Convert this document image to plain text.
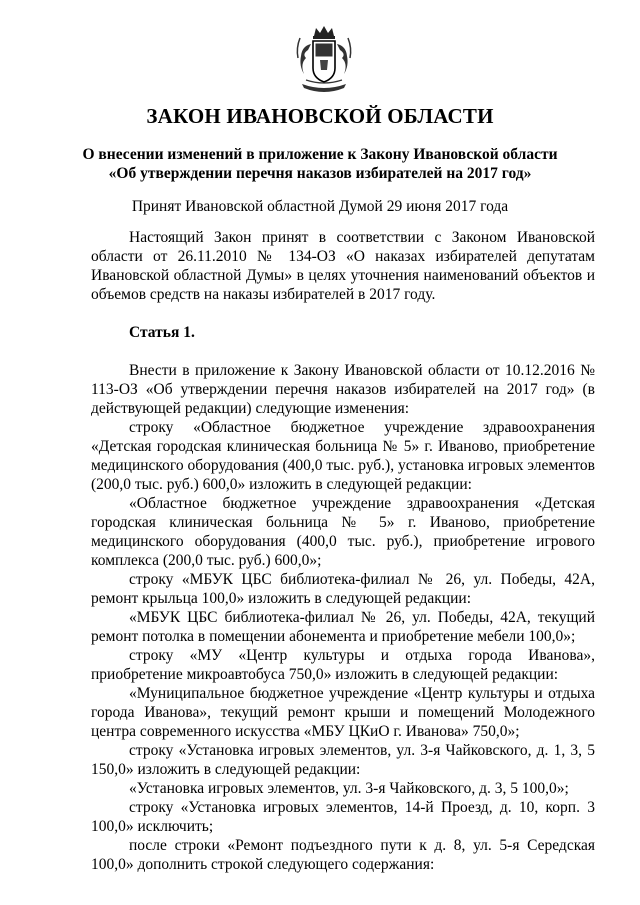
ЗАКОН ИВАНОВСКОЙ ОБЛАСТИ
О внесении изменений в приложение к Закону Ивановской области
«Об утверждении перечня наказов избирателей на 2017 год»
Принят Ивановской областной Думой 29 июня 2017 года

Настоящий Закон принят в соответствии с Законом Ивановской области от 26.11.2010 № 134-ОЗ «О наказах избирателей депутатам Ивановской областной Думы» в целях уточнения наименований объектов и объемов средств на наказы избирателей в 2017 году.

Статья 1.

Внести в приложение к Закону Ивановской области от 10.12.2016 № 113-ОЗ «Об утверждении перечня наказов избирателей на 2017 год» (в действующей редакции) следующие изменения:

строку «Областное бюджетное учреждение здравоохранения «Детская городская клиническая больница № 5» г. Иваново, приобретение медицинского оборудования (400,0 тыс. руб.), установка игровых элементов (200,0 тыс. руб.) 600,0» изложить в следующей редакции:

«Областное бюджетное учреждение здравоохранения «Детская городская клиническая больница № 5» г. Иваново, приобретение медицинского оборудования (400,0 тыс. руб.), приобретение игрового комплекса (200,0 тыс. руб.) 600,0»;

строку «МБУК ЦБС библиотека-филиал № 26, ул. Победы, 42А, ремонт крыльца 100,0» изложить в следующей редакции:

«МБУК ЦБС библиотека-филиал № 26, ул. Победы, 42А, текущий ремонт потолка в помещении абонемента и приобретение мебели 100,0»;

строку «МУ «Центр культуры и отдыха города Иванова», приобретение микроавтобуса 750,0» изложить в следующей редакции:

«Муниципальное бюджетное учреждение «Центр культуры и отдыха города Иванова», текущий ремонт крыши и помещений Молодежного центра современного искусства «МБУ ЦКиО г. Иванова» 750,0»;

строку «Установка игровых элементов, ул. 3-я Чайковского, д. 1, 3, 5 150,0» изложить в следующей редакции:

«Установка игровых элементов, ул. 3-я Чайковского, д. 3, 5 100,0»;

строку «Установка игровых элементов, 14-й Проезд, д. 10, корп. 3 100,0» исключить;

после строки «Ремонт подъездного пути к д. 8, ул. 5-я Середская 100,0» дополнить строкой следующего содержания:
